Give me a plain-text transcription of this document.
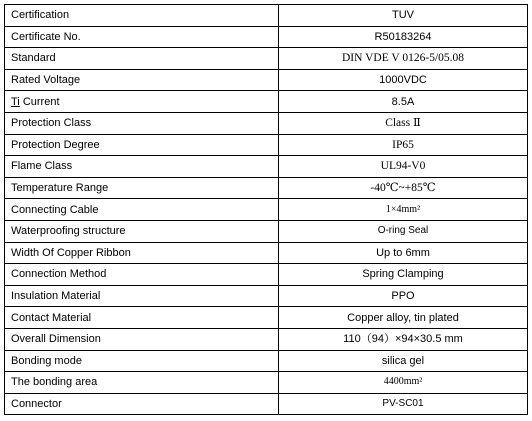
Certification	TUV
Certificate No.	R50183264
Standard	DIN VDE V 0126-5/05.08
Rated Voltage	1000VDC
Ti Current	8.5A
Protection Class	Class Ⅱ
Protection Degree	IP65
Flame Class	UL94-V0
Temperature Range	-40℃~+85℃
Connecting Cable	1×4mm²
Waterproofing structure	O-ring Seal
Width Of Copper Ribbon	Up to 6mm
Connection Method	Spring Clamping
Insulation Material	PPO
Contact Material	Copper alloy, tin plated
Overall Dimension	110（94）×94×30.5 mm
Bonding mode	silica gel
The bonding area	4400mm²
Connector	PV-SC01
